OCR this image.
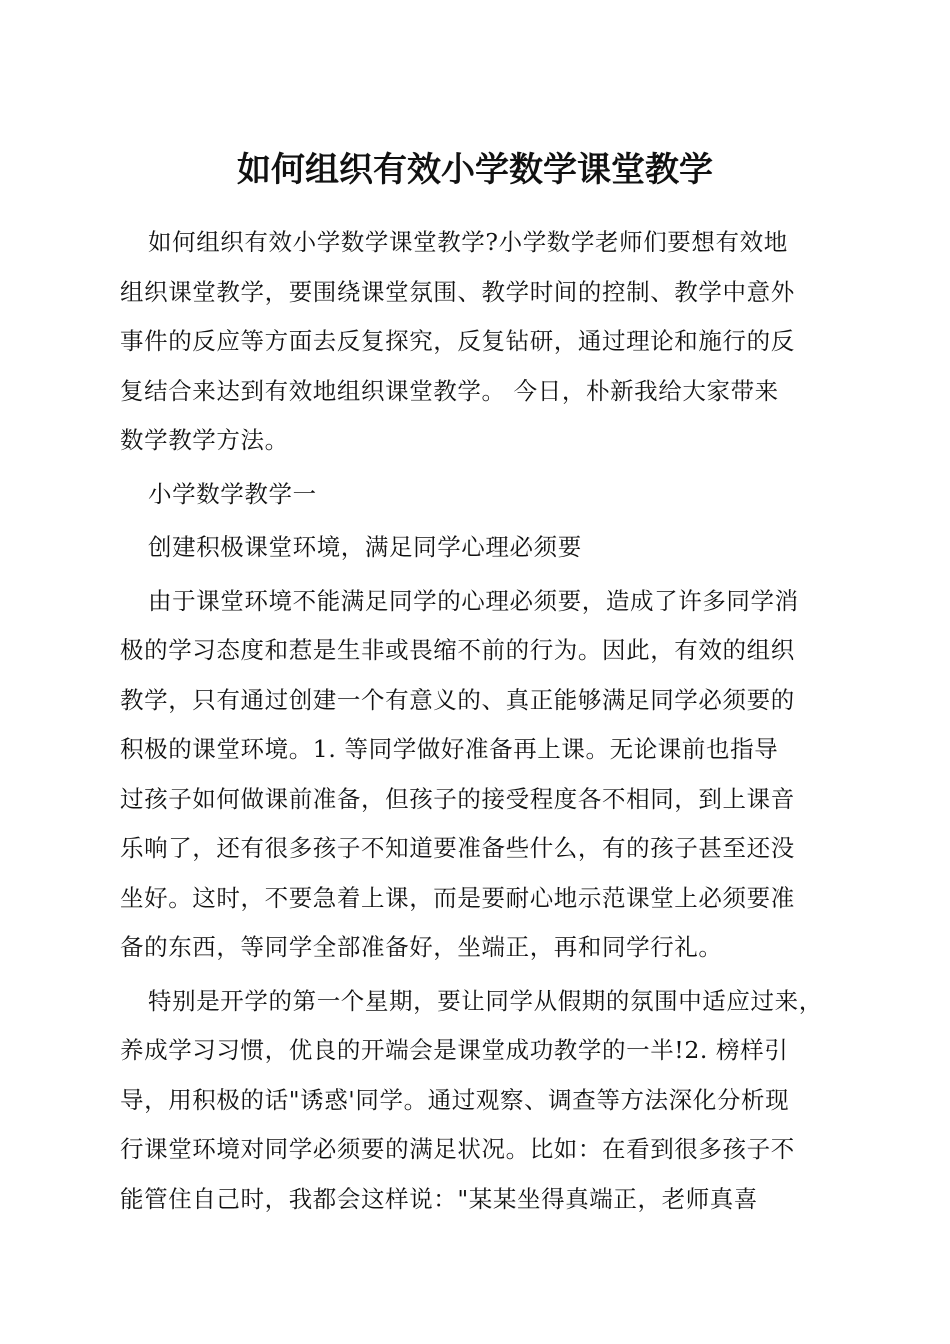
如何组织有效小学数学课堂教学

如何组织有效小学数学课堂教学?小学数学老师们要想有效地
组织课堂教学，要围绕课堂氛围、教学时间的控制、教学中意外
事件的反应等方面去反复探究，反复钻研，通过理论和施行的反
复结合来达到有效地组织课堂教学。 今日，朴新我给大家带来
数学教学方法。

小学数学教学一

创建积极课堂环境，满足同学心理必须要

由于课堂环境不能满足同学的心理必须要，造成了许多同学消
极的学习态度和惹是生非或畏缩不前的行为。因此，有效的组织
教学，只有通过创建一个有意义的、真正能够满足同学必须要的
积极的课堂环境。1. 等同学做好准备再上课。无论课前也指导
过孩子如何做课前准备，但孩子的接受程度各不相同，到上课音
乐响了，还有很多孩子不知道要准备些什么，有的孩子甚至还没
坐好。这时，不要急着上课，而是要耐心地示范课堂上必须要准
备的东西，等同学全部准备好，坐端正，再和同学行礼。

特别是开学的第一个星期，要让同学从假期的氛围中适应过来，
养成学习习惯，优良的开端会是课堂成功教学的一半!2. 榜样引
导，用积极的话"诱惑'同学。通过观察、调查等方法深化分析现
行课堂环境对同学必须要的满足状况。比如：在看到很多孩子不
能管住自己时，我都会这样说："某某坐得真端正，老师真喜
